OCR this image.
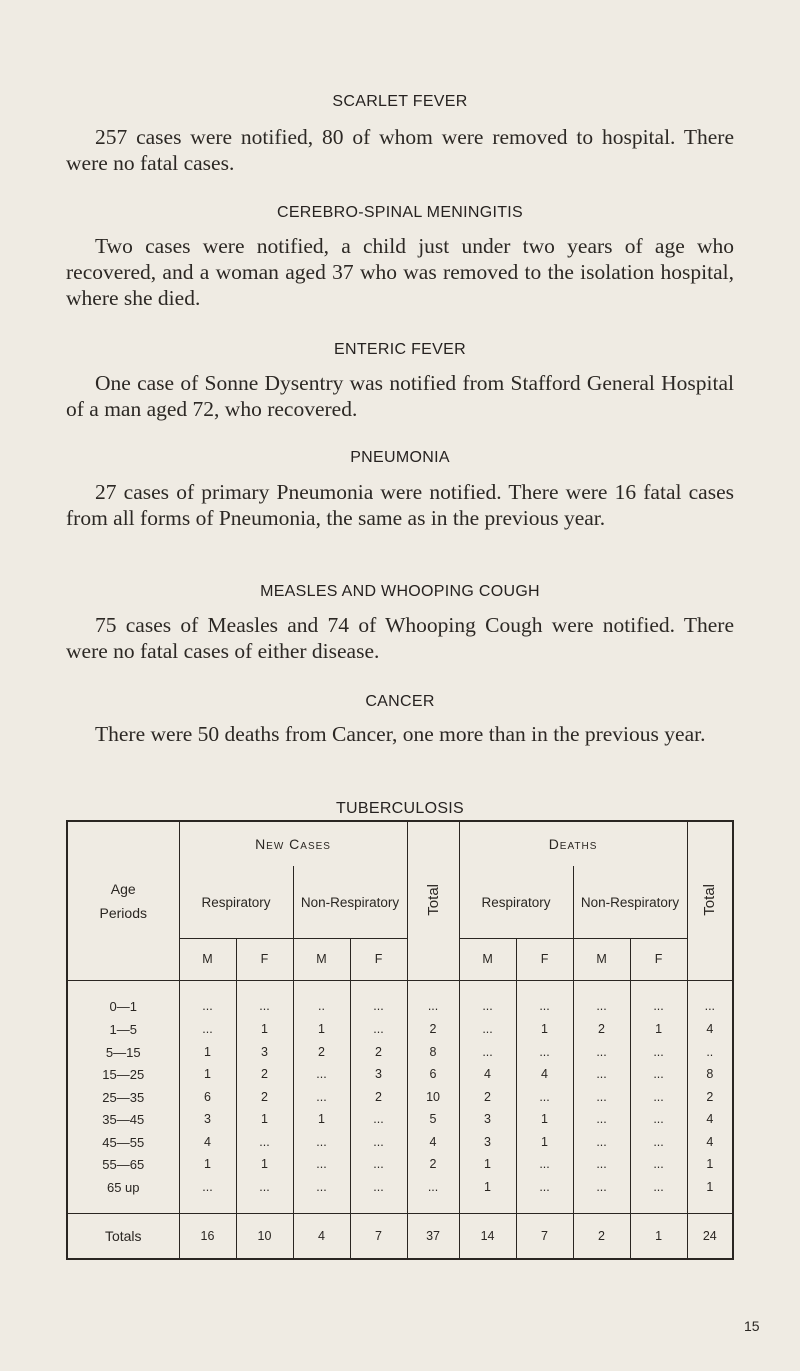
SCARLET FEVER
257 cases were notified, 80 of whom were removed to hospital. There were no fatal cases.
CEREBRO-SPINAL MENINGITIS
Two cases were notified, a child just under two years of age who recovered, and a woman aged 37 who was removed to the isolation hospital, where she died.
ENTERIC FEVER
One case of Sonne Dysentry was notified from Stafford General Hospital of a man aged 72, who recovered.
PNEUMONIA
27 cases of primary Pneumonia were notified. There were 16 fatal cases from all forms of Pneumonia, the same as in the previous year.
MEASLES AND WHOOPING COUGH
75 cases of Measles and 74 of Whooping Cough were notified. There were no fatal cases of either disease.
CANCER
There were 50 deaths from Cancer, one more than in the previous year.
TUBERCULOSIS
Age
Periods	New Cases				Total	Deaths				Total
	Respiratory		Non-Respiratory			Respiratory		Non-Respiratory		
	M	F	M	F		M	F	M	F	

0—1	...	...	..	...	...	...	...	...	...	...
1—5	...	1	1	...	2	...	1	2	1	4
5—15	1	3	2	2	8	...	...	...	...	..
15—25	1	2	...	3	6	4	4	...	...	8
25—35	6	2	...	2	10	2	...	...	...	2
35—45	3	1	1	...	5	3	1	...	...	4
45—55	4	...	...	...	4	3	1	...	...	4
55—65	1	1	...	...	2	1	...	...	...	1
65 up	...	...	...	...	...	1	...	...	...	1

Totals	16	10	4	7	37	14	7	2	1	24
15
